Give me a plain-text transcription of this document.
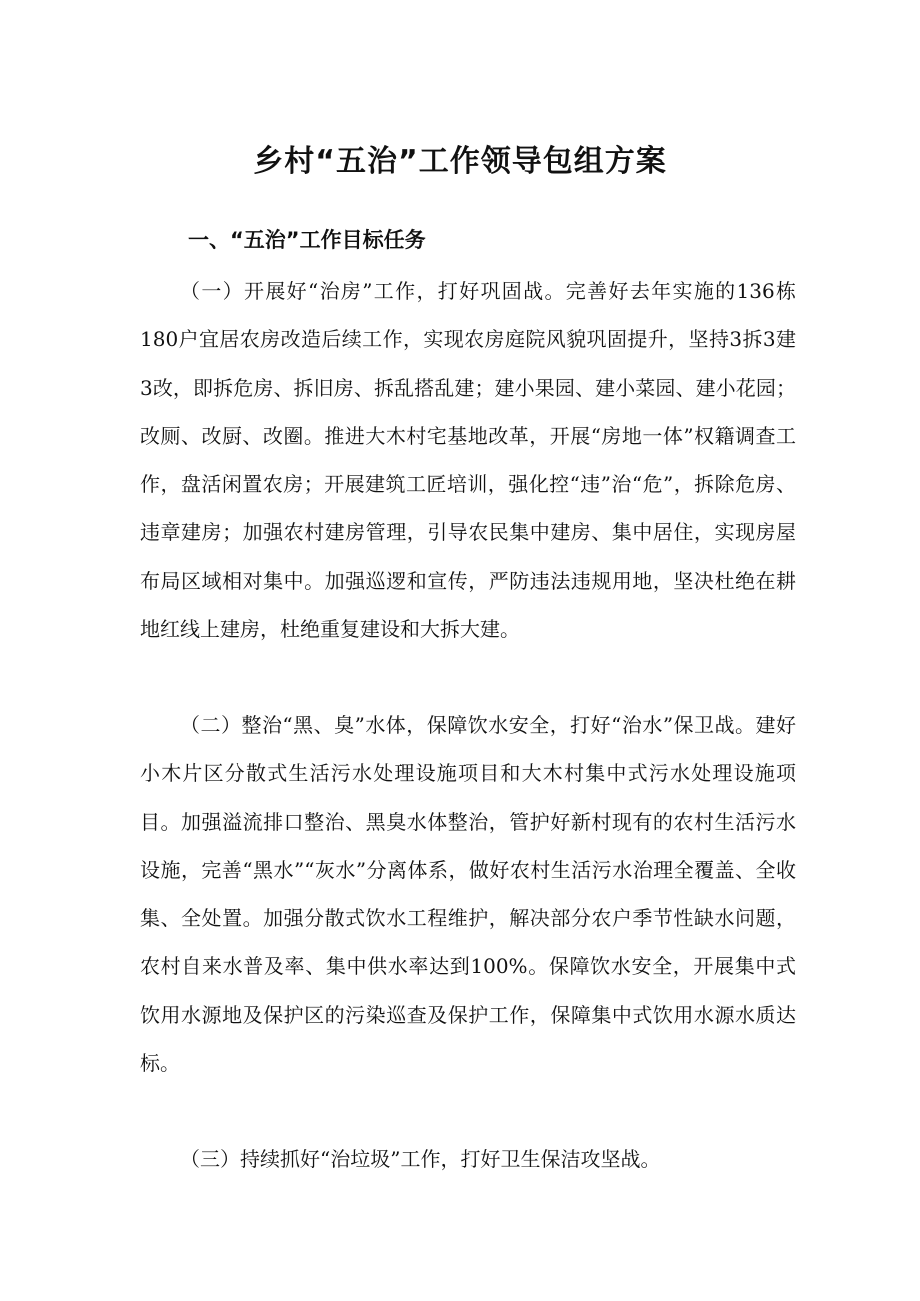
乡村“五治”工作领导包组方案
一、“五治”工作目标任务

（一）开展好“治房”工作，打好巩固战。完善好去年实施的136栋180户宜居农房改造后续工作，实现农房庭院风貌巩固提升，坚持3拆3建3改，即拆危房、拆旧房、拆乱搭乱建；建小果园、建小菜园、建小花园；改厕、改厨、改圈。推进大木村宅基地改革，开展“房地一体”权籍调查工作，盘活闲置农房；开展建筑工匠培训，强化控“违”治“危”，拆除危房、违章建房；加强农村建房管理，引导农民集中建房、集中居住，实现房屋布局区域相对集中。加强巡逻和宣传，严防违法违规用地，坚决杜绝在耕地红线上建房，杜绝重复建设和大拆大建。

（二）整治“黑、臭”水体，保障饮水安全，打好“治水”保卫战。建好小木片区分散式生活污水处理设施项目和大木村集中式污水处理设施项目。加强溢流排口整治、黑臭水体整治，管护好新村现有的农村生活污水设施，完善“黑水”“灰水”分离体系，做好农村生活污水治理全覆盖、全收集、全处置。加强分散式饮水工程维护，解决部分农户季节性缺水问题，农村自来水普及率、集中供水率达到100%。保障饮水安全，开展集中式饮用水源地及保护区的污染巡查及保护工作，保障集中式饮用水源水质达标。

（三）持续抓好“治垃圾”工作，打好卫生保洁攻坚战。
